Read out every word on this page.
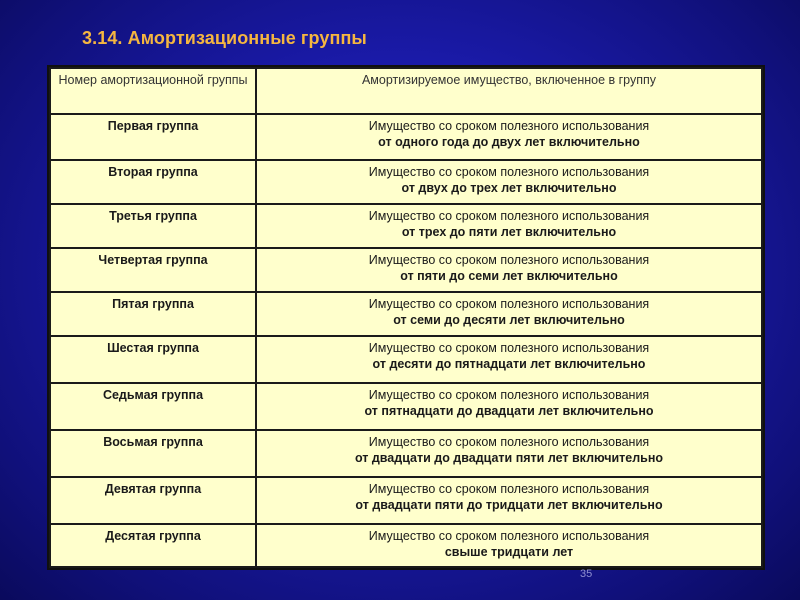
3.14. Амортизационные группы
Номер амортизационной группы	Амортизируемое имущество, включенное в группу
Первая группа	Имущество со сроком полезного использования
от одного года до двух лет включительно

Вторая группа	Имущество со сроком полезного использования
от двух до трех лет включительно

Третья группа	Имущество со сроком полезного использования
от трех до пяти лет включительно

Четвертая группа	Имущество со сроком полезного использования
от пяти до семи лет включительно

Пятая группа	Имущество со сроком полезного использования
от семи до десяти лет включительно

Шестая группа	Имущество со сроком полезного использования
от десяти до пятнадцати лет включительно

Седьмая группа	Имущество со сроком полезного использования
от пятнадцати до двадцати лет включительно

Восьмая группа	Имущество со сроком полезного использования
от двадцати до двадцати пяти лет включительно

Девятая группа	Имущество со сроком полезного использования
от двадцати пяти до тридцати лет включительно

Десятая группа	Имущество со сроком полезного использования
свыше тридцати лет
35
